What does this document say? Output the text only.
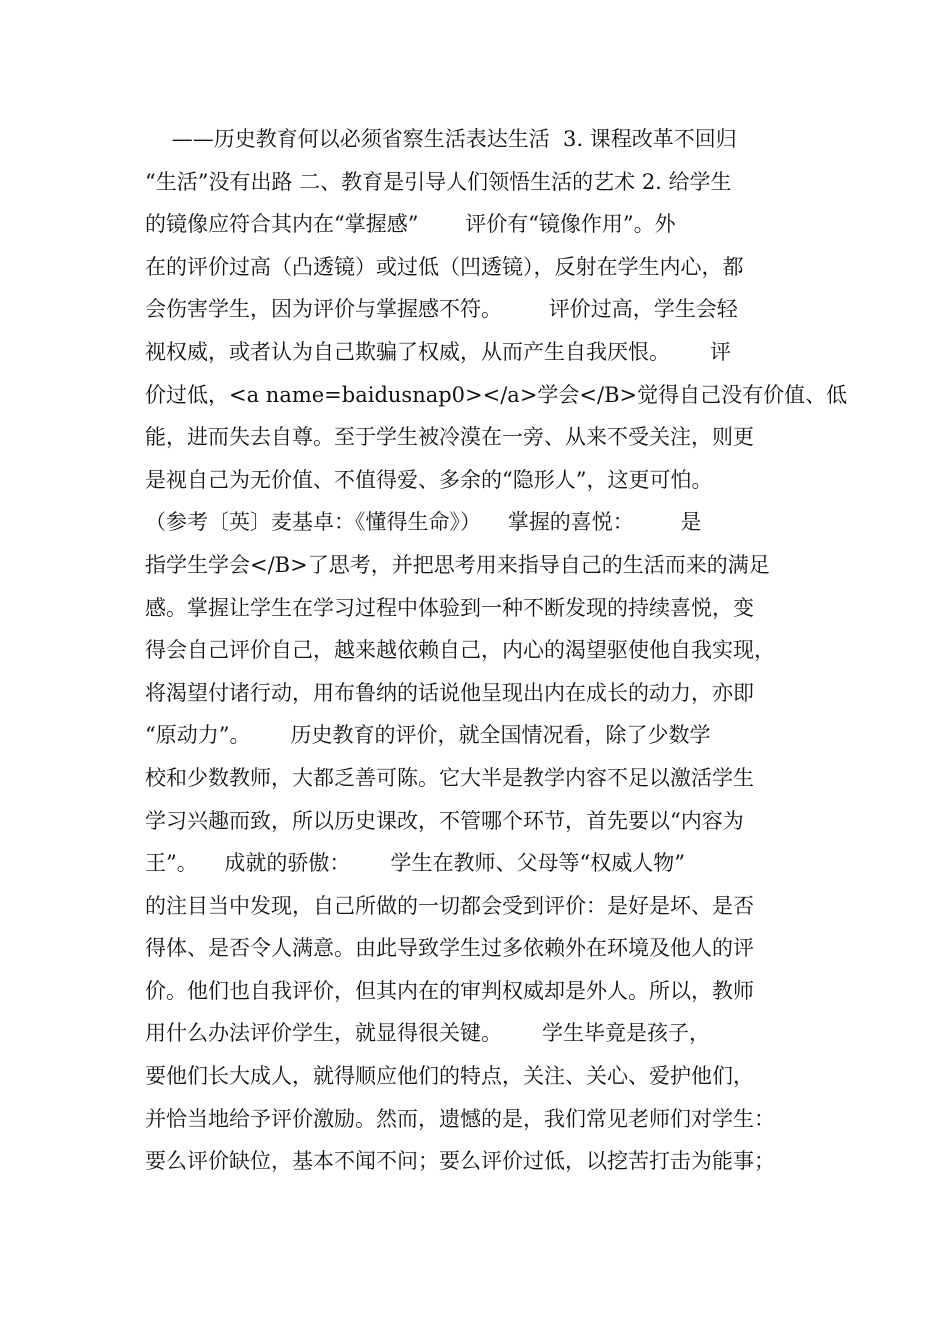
——历史教育何以必须省察生活表达生活  3. 课程改革不回归
“生活”没有出路 二、教育是引导人们领悟生活的艺术 2. 给学生
的镜像应符合其内在“掌握感”       评价有“镜像作用”。外
在的评价过高（凸透镜）或过低（凹透镜），反射在学生内心，都
会伤害学生，因为评价与掌握感不符。       评价过高，学生会轻
视权威，或者认为自己欺骗了权威，从而产生自我厌恨。      评
价过低，<a name=baidusnap0></a>学会</B>觉得自己没有价值、低
能，进而失去自尊。至于学生被冷漠在一旁、从来不受关注，则更
是视自己为无价值、不值得爱、多余的“隐形人”，这更可怕。
（参考〔英〕麦基卓：《懂得生命》）    掌握的喜悦：       是
指学生学会</B>了思考，并把思考用来指导自己的生活而来的满足
感。掌握让学生在学习过程中体验到一种不断发现的持续喜悦，变
得会自己评价自己，越来越依赖自己，内心的渴望驱使他自我实现，
将渴望付诸行动，用布鲁纳的话说他呈现出内在成长的动力，亦即
“原动力”。      历史教育的评价，就全国情况看，除了少数学
校和少数教师，大都乏善可陈。它大半是教学内容不足以激活学生
学习兴趣而致，所以历史课改，不管哪个环节，首先要以“内容为
王”。    成就的骄傲：      学生在教师、父母等“权威人物”
的注目当中发现，自己所做的一切都会受到评价：是好是坏、是否
得体、是否令人满意。由此导致学生过多依赖外在环境及他人的评
价。他们也自我评价，但其内在的审判权威却是外人。所以，教师
用什么办法评价学生，就显得很关键。      学生毕竟是孩子，
要他们长大成人，就得顺应他们的特点，关注、关心、爱护他们，
并恰当地给予评价激励。然而，遗憾的是，我们常见老师们对学生：
要么评价缺位，基本不闻不问；要么评价过低，以挖苦打击为能事；
